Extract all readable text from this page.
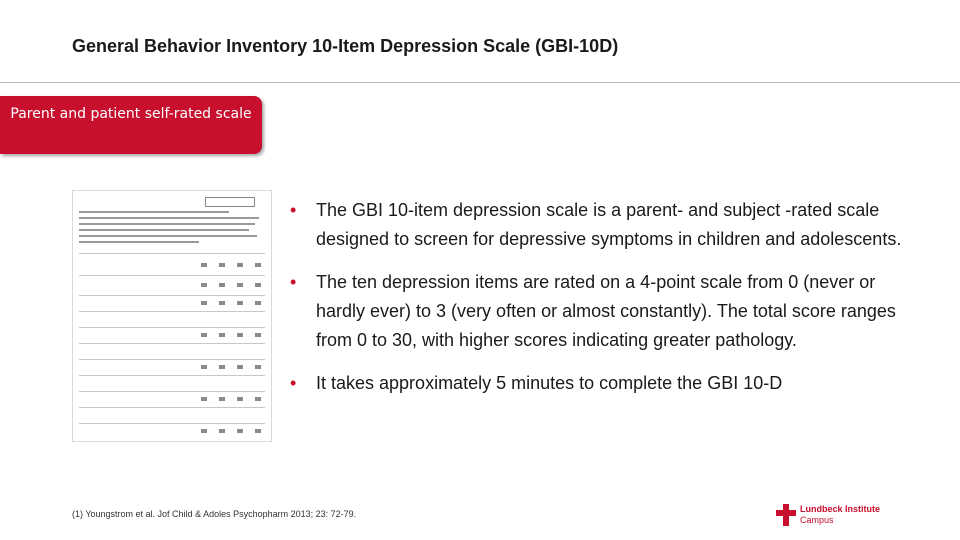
General Behavior Inventory 10-Item Depression Scale (GBI-10D)
Parent and patient self-rated scale
• The GBI 10-item depression scale is a parent- and subject -rated scale designed to screen for depressive symptoms in children and adolescents.
• The ten depression items are rated on a 4-point scale from 0 (never or hardly ever) to 3 (very often or almost constantly). The total score ranges from 0 to 30, with higher scores indicating greater pathology.
• It takes approximately 5 minutes to complete the GBI 10-D
(1) Youngstrom et al. Jof Child & Adoles Psychopharm 2013; 23: 72-79.	Lundbeck Institute
Campus
